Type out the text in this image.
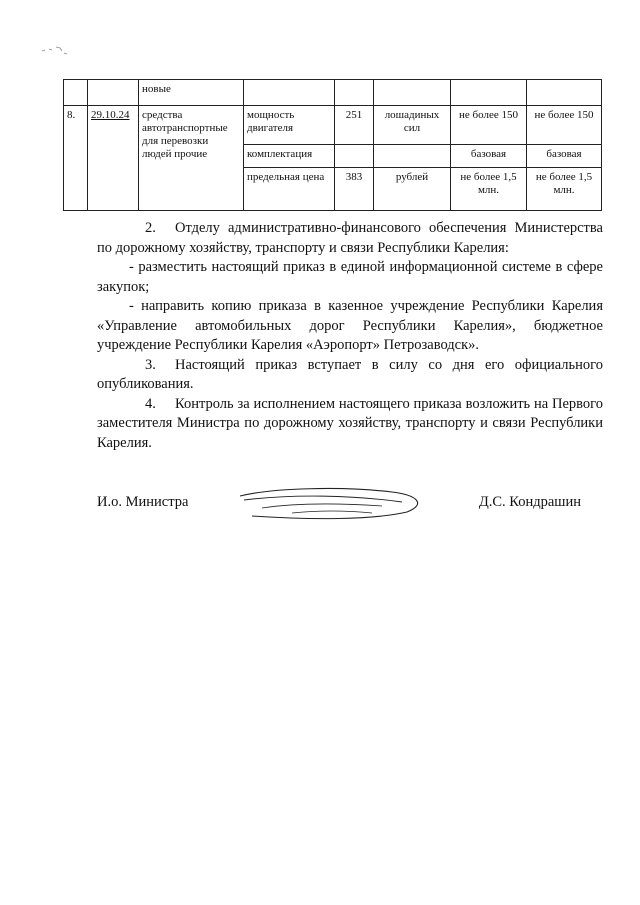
		новые					
8.	29.10.24	средства автотранспортные для перевозки людей прочие	мощность двигателя	251	лошадиных сил	не более 150	не более 150
			комплектация			базовая	базовая
			предельная цена	383	рублей	не более 1,5 млн.	не более 1,5 млн.

2. Отделу административно-финансового обеспечения Министерства по дорожному хозяйству, транспорту и связи Республики Карелия:

- разместить настоящий приказ в единой информационной системе в сфере закупок;

- направить копию приказа в казенное учреждение Республики Карелия «Управление автомобильных дорог Республики Карелия», бюджетное учреждение Республики Карелия «Аэропорт» Петрозаводск».

3. Настоящий приказ вступает в силу со дня его официального опубликования.

4. Контроль за исполнением настоящего приказа возложить на Первого заместителя Министра по дорожному хозяйству, транспорту и связи Республики Карелия.

И.о. Министра	Д.С. Кондрашин
